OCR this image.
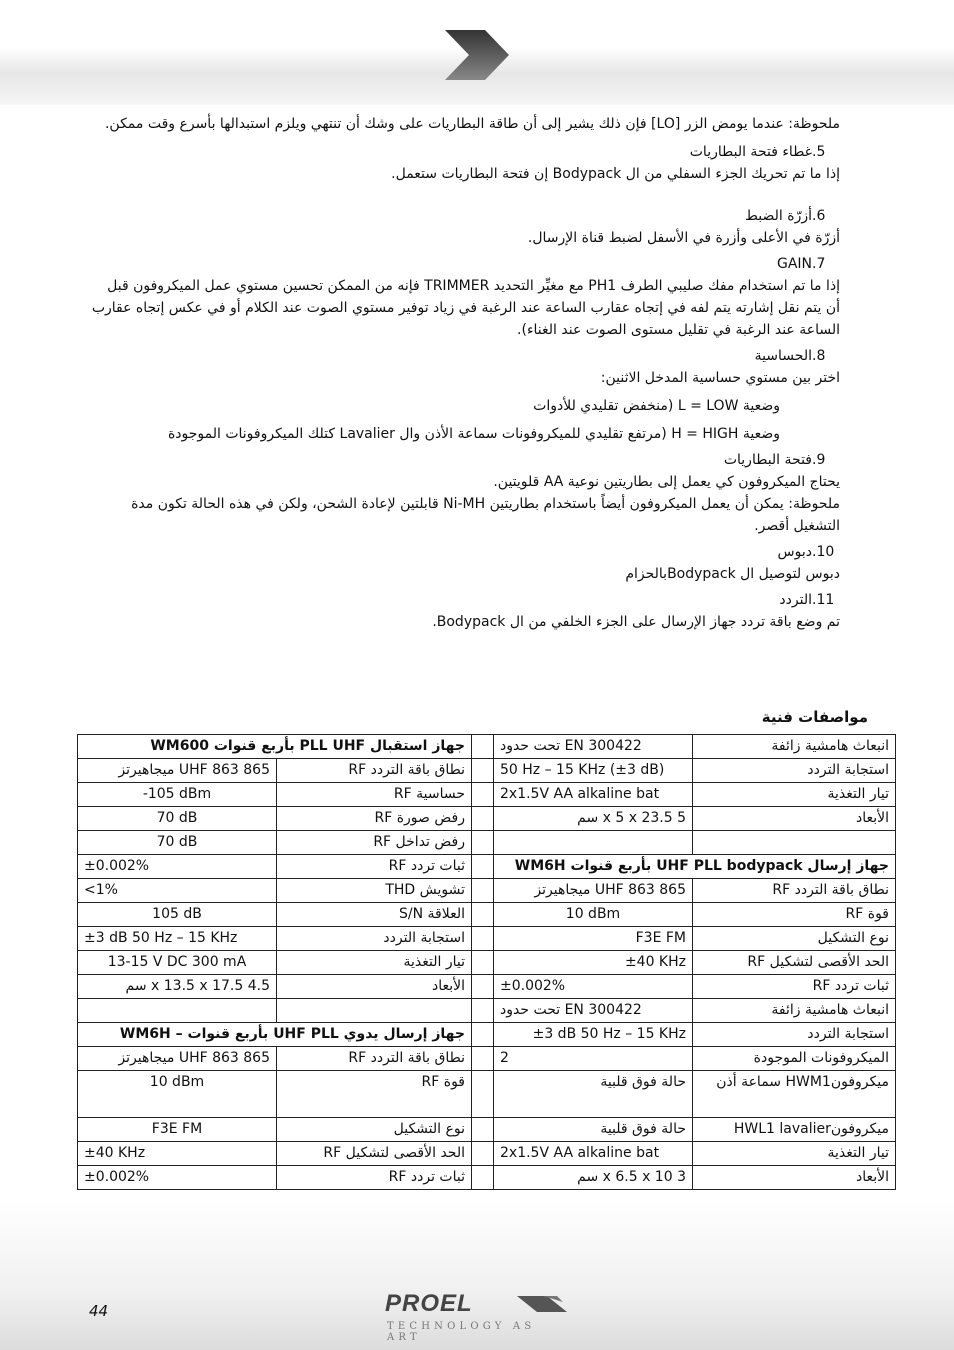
ملحوظة: عندما يومض الزر [LO] فإن ذلك يشير إلى أن طاقة البطاريات على وشك أن تنتهي ويلزم استبدالها بأسرع وقت ممكن.

.5
غطاء فتحة البطاريات

إذا ما تم تحريك الجزء السفلي من ال Bodypack إن فتحة البطاريات ستعمل.

.6
أزرّة الضبط

أزرّة في الأعلى وأزرة في الأسفل لضبط قناة الإرسال.

.7
GAIN

إذا ما تم استخدام مفك صليبي الطرف PH1 مع مغيِّر التحديد TRIMMER فإنه من الممكن تحسين مستوي عمل الميكروفون قبل أن يتم نقل إشارته يتم لفه في إتجاه عقارب الساعة عند الرغبة في زياد توفير مستوي الصوت عند الكلام أو في عكس إتجاه عقارب الساعة عند الرغبة في تقليل مستوى الصوت عند الغناء).

.8
الحساسية

اختر بين مستوي حساسية المدخل الاثنين:

وضعية L = LOW (منخفض تقليدي للأدوات

وضعية H = HIGH (مرتفع تقليدي للميكروفونات سماعة الأذن وال Lavalier كتلك الميكروفونات الموجودة

.9
فتحة البطاريات

يحتاج الميكروفون كي يعمل إلى بطاريتين نوعية AA قلويتين.

ملحوظة: يمكن أن يعمل الميكروفون أيضاً باستخدام بطاريتين Ni-MH قابلتين لإعادة الشحن، ولكن في هذه الحالة تكون مدة التشغيل أقصر.

.10
دبوس

دبوس لتوصيل ال Bodypackبالحزام

.11
التردد

تم وضع باقة تردد جهاز الإرسال على الجزء الخلفي من ال Bodypack.

مواصفات فنية
جهاز استقبال PLL UHF بأربع قنوات WM600			تحت حدود EN 300422	انبعاث هامشية زائفة
UHF 863 865 ميجاهيرتز	نطاق باقة التردد RF		50 Hz – 15 KHz (±3 dB)	استجابة التردد
-105 dBm	حساسية RF		2x1.5V AA alkaline bat	تيار التغذية
70 dB	رفض صورة RF		5 x 5 x 23.5 سم	الأبعاد
70 dB	رفض تداخل RF			
±0.002%	ثبات تردد RF		جهاز إرسال UHF PLL bodypack بأربع قنوات WM6H	
<1%	تشويش THD		UHF 863 865 ميجاهيرتز	نطاق باقة التردد RF
105 dB	العلاقة S/N		10 dBm	قوة RF
±3 dB 50 Hz – 15 KHz	استجابة التردد		F3E FM	نوع التشكيل
13-15 V DC 300 mA	تيار التغذية		±40 KHz	الحد الأقصى لتشكيل RF
4.5 x 13.5 x 17.5 سم	الأبعاد		±0.002%	ثبات تردد RF
			تحت حدود EN 300422	انبعاث هامشية زائفة
جهاز إرسال يدوي UHF PLL بأربع قنوات – WM6H			±3 dB 50 Hz – 15 KHz	استجابة التردد
UHF 863 865 ميجاهيرتز	نطاق باقة التردد RF		2	الميكروفونات الموجودة
10 dBm	قوة RF		حالة فوق قلبية	ميكروفونHWM1 سماعة أذن
F3E FM	نوع التشكيل		حالة فوق قلبية	ميكروفونHWL1 lavalier
±40 KHz	الحد الأقصى لتشكيل RF		2x1.5V AA alkaline bat	تيار التغذية
±0.002%	ثبات تردد RF		3 x 6.5 x 10 سم	الأبعاد
44	PROEL
TECHNOLOGY AS ART
